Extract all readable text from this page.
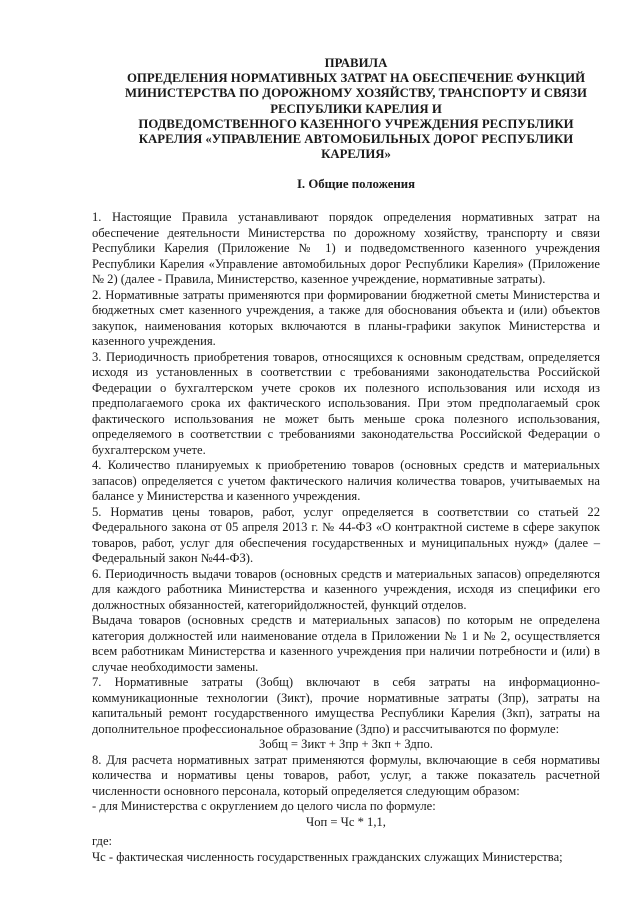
ПРАВИЛА
ОПРЕДЕЛЕНИЯ НОРМАТИВНЫХ ЗАТРАТ НА ОБЕСПЕЧЕНИЕ ФУНКЦИЙ
МИНИСТЕРСТВА ПО ДОРОЖНОМУ ХОЗЯЙСТВУ, ТРАНСПОРТУ И СВЯЗИ
РЕСПУБЛИКИ КАРЕЛИЯ И
ПОДВЕДОМСТВЕННОГО КАЗЕННОГО УЧРЕЖДЕНИЯ РЕСПУБЛИКИ
КАРЕЛИЯ «УПРАВЛЕНИЕ АВТОМОБИЛЬНЫХ ДОРОГ РЕСПУБЛИКИ
КАРЕЛИЯ»
I. Общие положения

1. Настоящие Правила устанавливают порядок определения нормативных затрат на обеспечение деятельности Министерства по дорожному хозяйству, транспорту и связи Республики Карелия (Приложение № 1) и подведомственного казенного учреждения Республики Карелия «Управление автомобильных дорог Республики Карелия» (Приложение № 2) (далее - Правила, Министерство, казенное учреждение, нормативные затраты).

2. Нормативные затраты применяются при формировании бюджетной сметы Министерства и бюджетных смет казенного учреждения, а также для обоснования объекта и (или) объектов закупок, наименования которых включаются в планы-графики закупок Министерства и казенного учреждения.

3. Периодичность приобретения товаров, относящихся к основным средствам, определяется исходя из установленных в соответствии с требованиями законодательства Российской Федерации о бухгалтерском учете сроков их полезного использования или исходя из предполагаемого срока их фактического использования. При этом предполагаемый срок фактического использования не может быть меньше срока полезного использования, определяемого в соответствии с требованиями законодательства Российской Федерации о бухгалтерском учете.

4. Количество планируемых к приобретению товаров (основных средств и материальных запасов) определяется с учетом фактического наличия количества товаров, учитываемых на балансе у Министерства и казенного учреждения.

5. Норматив цены товаров, работ, услуг определяется в соответствии со статьей 22 Федерального закона от 05 апреля 2013 г. № 44-ФЗ «О контрактной системе в сфере закупок товаров, работ, услуг для обеспечения государственных и муниципальных нужд» (далее – Федеральный закон №44-ФЗ).

6. Периодичность выдачи товаров (основных средств и материальных запасов) определяются для каждого работника Министерства и казенного учреждения, исходя из специфики его должностных обязанностей, категорийдолжностей, функций отделов.

Выдача товаров (основных средств и материальных запасов) по которым не определена категория должностей или наименование отдела в Приложении № 1 и № 2, осуществляется всем работникам Министерства и казенного учреждения при наличии потребности и (или) в случае необходимости замены.

7. Нормативные затраты (Зобщ) включают в себя затраты на информационно-коммуникационные технологии (Зикт), прочие нормативные затраты (Зпр), затраты на капитальный ремонт государственного имущества Республики Карелия (Зкп), затраты на дополнительное профессиональное образование (Здпо) и рассчитываются по формуле:

Зобщ = Зикт + Зпр + Зкп + Здпо.

8. Для расчета нормативных затрат применяются формулы, включающие в себя нормативы количества и нормативы цены товаров, работ, услуг, а также показатель расчетной численности основного персонала, который определяется следующим образом:

- для Министерства с округлением до целого числа по формуле:

Чоп = Чс * 1,1,

где:

Чс - фактическая численность государственных гражданских служащих Министерства;
